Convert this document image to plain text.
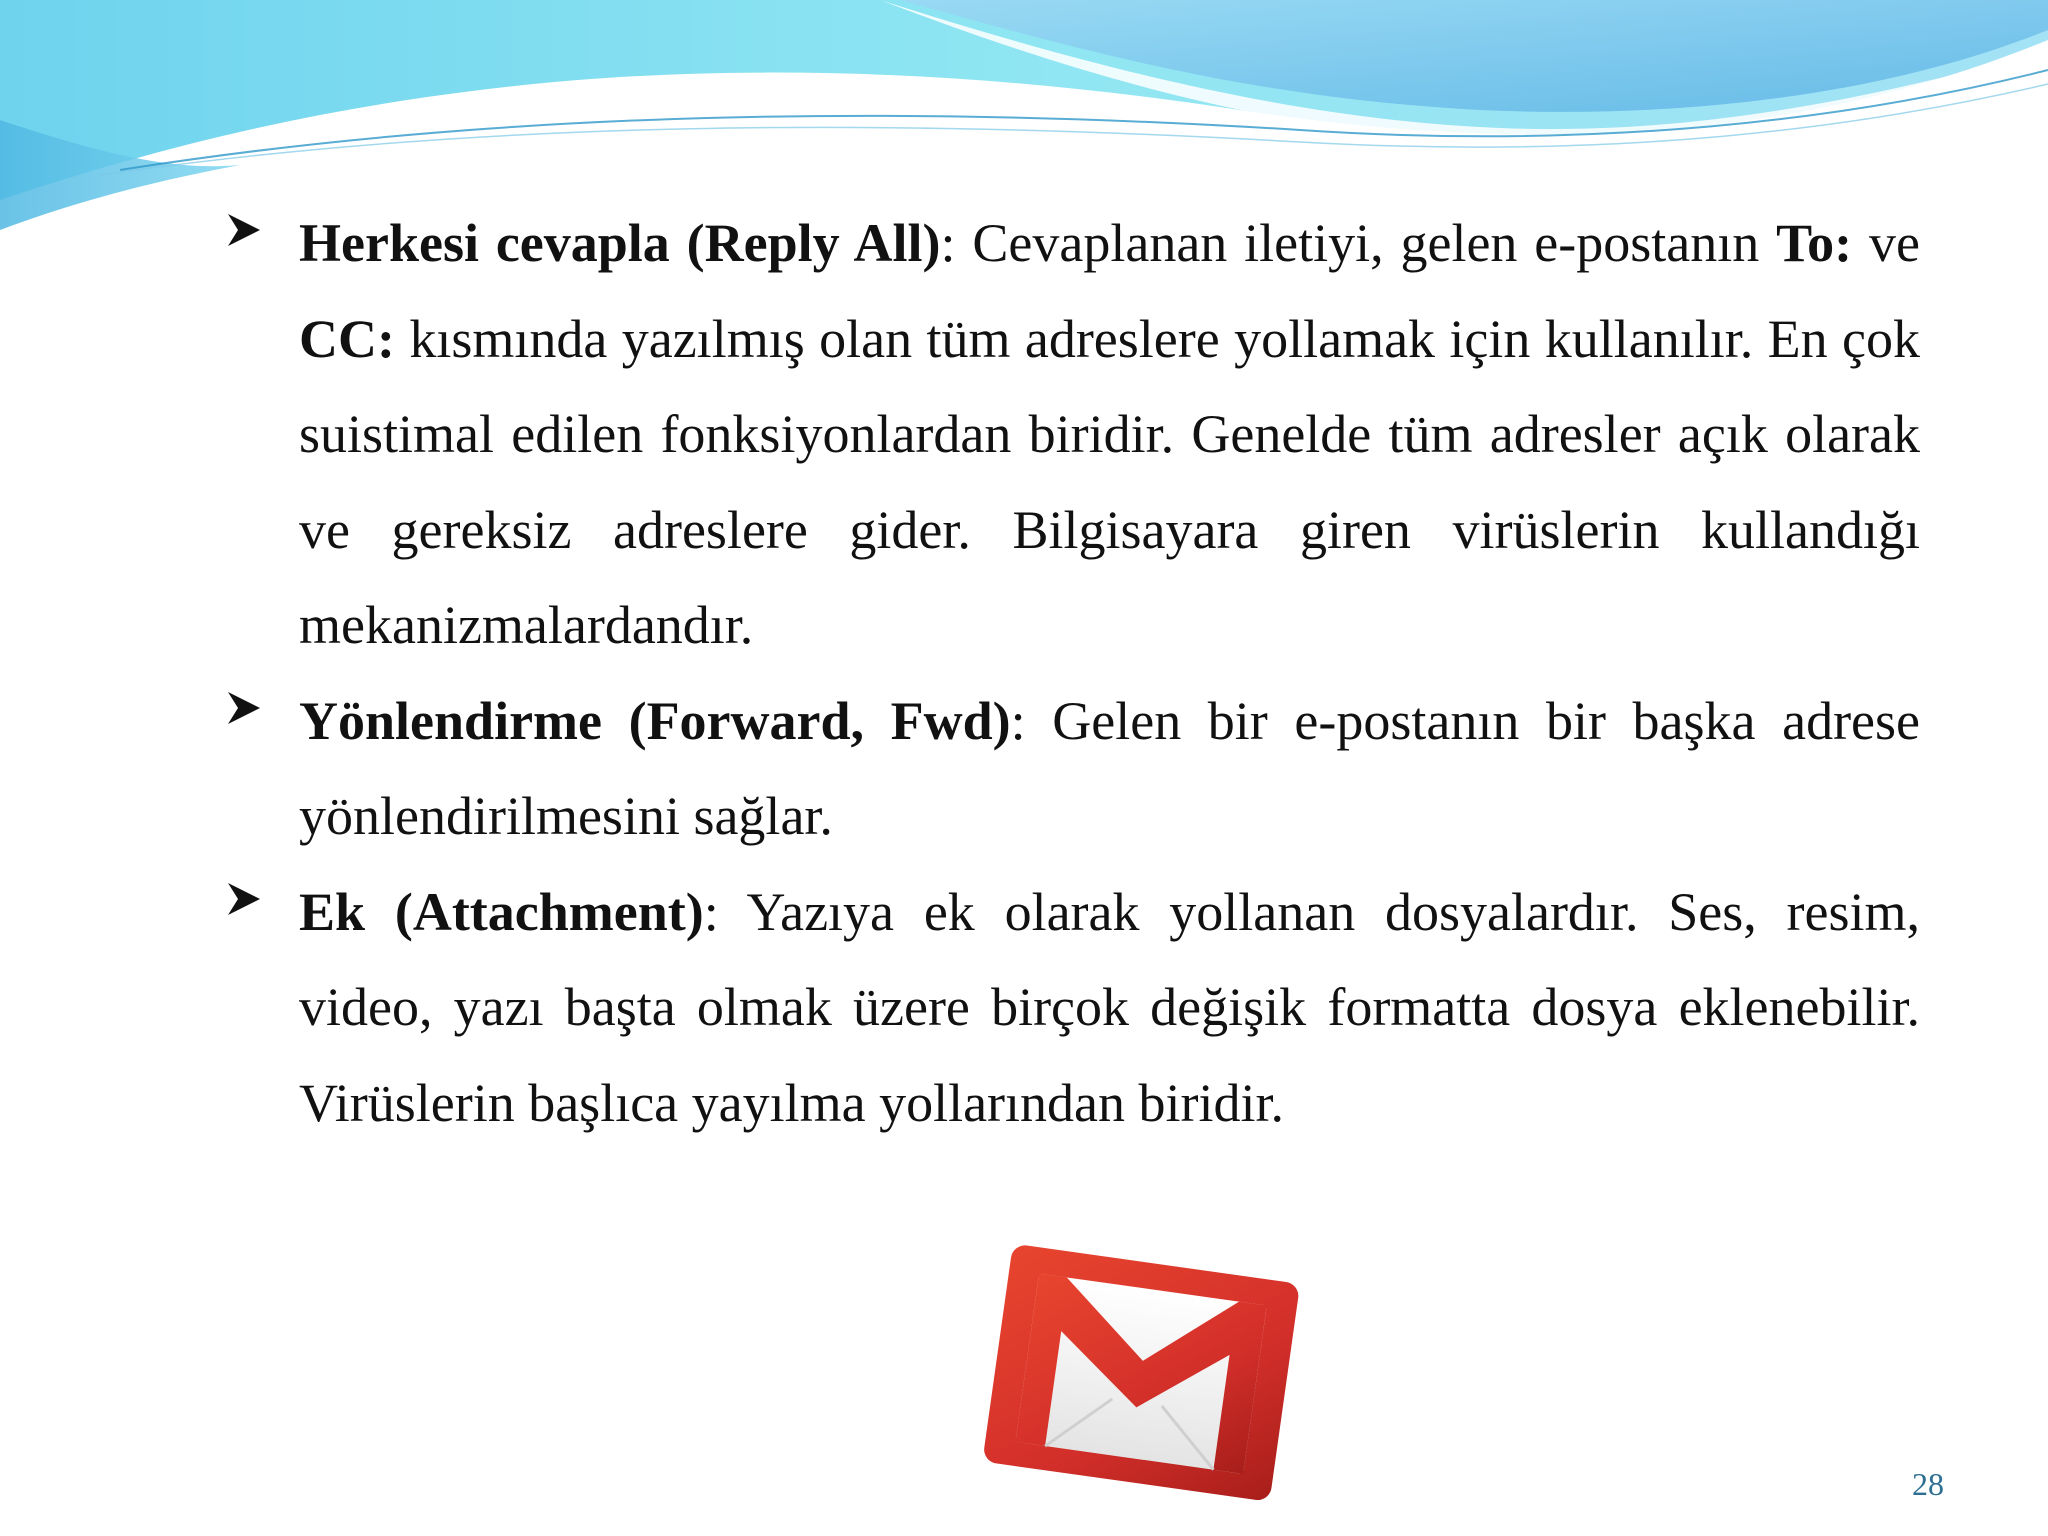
Herkesi cevapla (Reply All): Cevaplanan iletiyi, gelen e-postanın To: ve CC: kısmında yazılmış olan tüm adreslere yollamak için kullanılır. En çok suistimal edilen fonksiyonlardan biridir. Genelde tüm adresler açık olarak ve gereksiz adreslere gider. Bilgisayara giren virüslerin kullandığı mekanizmalardandır.

Yönlendirme (Forward, Fwd): Gelen bir e-postanın bir başka adrese yönlendirilmesini sağlar.

Ek (Attachment): Yazıya ek olarak yollanan dosyalardır. Ses, resim, video, yazı başta olmak üzere birçok değişik formatta dosya eklenebilir. Virüslerin başlıca yayılma yollarından biridir.

28
